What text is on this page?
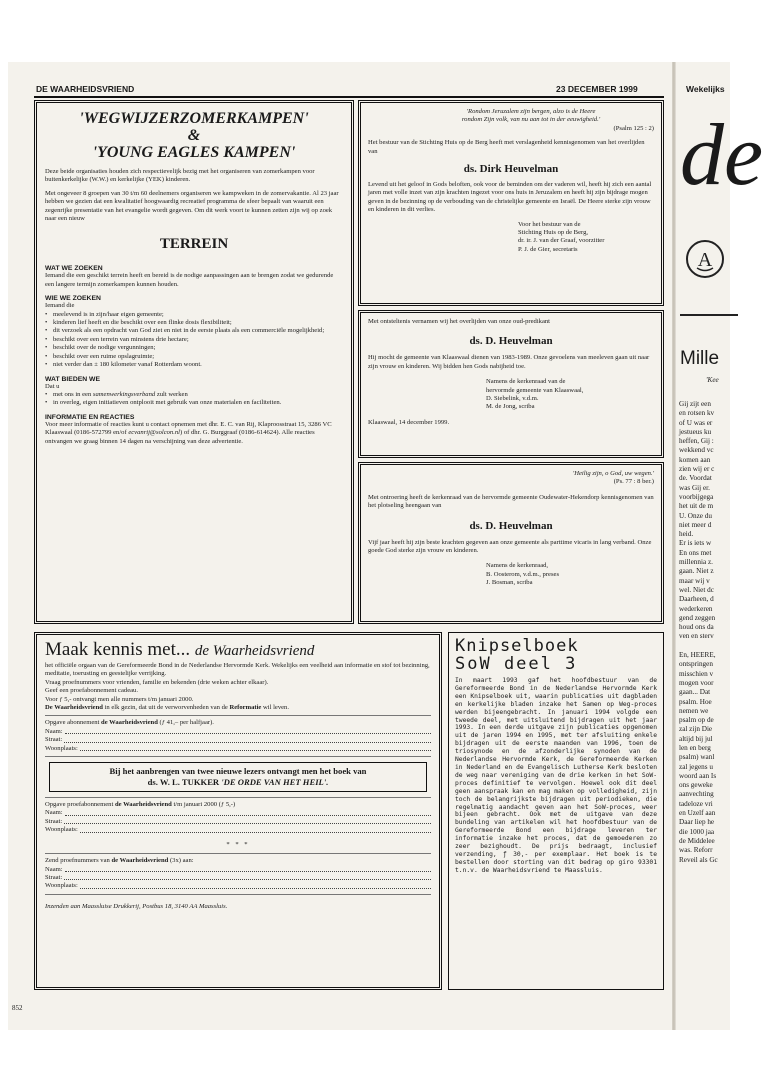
DE WAARHEIDSVRIEND	23 DECEMBER 1999	Wekelijks
'WEGWIJZERZOMERKAMPEN'
&
'YOUNG EAGLES KAMPEN'
Deze beide organisaties houden zich respectievelijk bezig met het organiseren van zomerkampen voor buitenkerkelijke (W.W.) en kerkelijke (YEK) kinderen.
Met ongeveer 8 groepen van 30 t/m 60 deelnemers organiseren we kampweken in de zomervakantie. Al 23 jaar hebben we gezien dat een kwalitatief hoogwaardig recreatief programma de sfeer bepaalt van waaruit een zegenrijke presentatie van het evangelie wordt gegeven. Om dit werk voort te kunnen zetten zijn wij op zoek naar een nieuw
TERREIN
WAT WE ZOEKEN
Iemand die een geschikt terrein heeft en bereid is de nodige aanpassingen aan te brengen zodat we gedurende een langere termijn zomerkampen kunnen houden.
WIE WE ZOEKEN
Iemand die
• meelevend is in zijn/haar eigen gemeente;
• kinderen lief heeft en die beschikt over een flinke dosis flexibiliteit;
• dit verzoek als een opdracht van God ziet en niet in de eerste plaats als een commerciële mogelijkheid;
• beschikt over een terrein van minstens drie hectare;
• beschikt over de nodige vergunningen;
• beschikt over een ruime opslagruimte;
• niet verder dan ± 180 kilometer vanaf Rotterdam woont.
WAT BIEDEN WE
Dat u
• met ons in een samenwerkingsverband zult werken
• in overleg, eigen initiatieven ontplooit met gebruik van onze materialen en faciliteiten.
INFORMATIE EN REACTIES
Voor meer informatie of reacties kunt u contact opnemen met dhr. E. C. van Rij, Klaproosstraat 15, 3286 VC Klaaswaal (0186-572799 en/of ecvanrij@solcon.nl) of dhr. G. Burggraaf (0186-614624). Alle reacties ontvangen we graag binnen 14 dagen na verschijning van deze advertentie.
'Rondom Jeruzalem zijn bergen, alzo is de Heere
rondom Zijn volk, van nu aan tot in der eeuwigheid.'
(Psalm 125 : 2)
Het bestuur van de Stichting Huis op de Berg heeft met verslagenheid kennisgenomen van het overlijden van
ds. Dirk Heuvelman
Levend uit het geloof in Gods beloften, ook voor de beminden om der vaderen wil, heeft hij zich een aantal jaren met volle inzet van zijn krachten ingezet voor ons huis in Jeruzalem en heeft hij zijn bijdrage mogen geven in de bezinning op de verbouding van de christelijke gemeente en Israël. De Heere sterke zijn vrouw en kinderen in dit verlies.
Voor het bestuur van de
Stichting Huis op de Berg,
dr. ir. J. van der Graaf, voorzitter
P. J. de Gier, secretaris
Met ontsteltenis vernamen wij het overlijden van onze oud-predikant
ds. D. Heuvelman
Hij mocht de gemeente van Klaaswaal dienen van 1983-1989. Onze gevoelens van meeleven gaan uit naar zijn vrouw en kinderen. Wij bidden hen Gods nabijheid toe.
Namens de kerkenraad van de
hervormde gemeente van Klaaswaal,
D. Siebelink, v.d.m.
M. de Jong, scriba
Klaaswaal, 14 december 1999.
'Heilig zijn, o God, uw wegen.'
(Ps. 77 : 8 ber.)
Met ontroering heeft de kerkenraad van de hervormde gemeente Oudewater-Hekendorp kennisgenomen van het plotseling heengaan van
ds. D. Heuvelman
Vijf jaar heeft hij zijn beste krachten gegeven aan onze gemeente als parttime vicaris in lang verband. Onze goede God sterke zijn vrouw en kinderen.
Namens de kerkenraad,
B. Oosterom, v.d.m., preses
J. Bosman, scriba
Maak kennis met... de Waarheidsvriend
het officiële orgaan van de Gereformeerde Bond in de Nederlandse Hervormde Kerk. Wekelijks een veelheid aan informatie en stof tot bezinning, meditatie, toerusting en geestelijke verrijking.
Vraag proefnummers voor vrienden, familie en bekenden (drie weken achter elkaar).
Geef een proefabonnement cadeau.
Voor ƒ 5,- ontvangt men alle nummers t/m januari 2000.
De Waarheidsvriend in elk gezin, dat uit de verworvenheden van de Reformatie wil leven.
Opgave abonnement de Waarheidsvriend (ƒ 41,– per halfjaar).
Naam:
Straat:
Woonplaats:
Bij het aanbrengen van twee nieuwe lezers ontvangt men het boek van
ds. W. L. TUKKER 'DE ORDE VAN HET HEIL'.
Opgave proefabonnement de Waarheidsvriend t/m januari 2000 (ƒ 5,-)
Naam:
Straat:
Woonplaats:
* * *
Zend proefnummers van de Waarheidsvriend (3x) aan:
Naam:
Straat:
Woonplaats:
Inzenden aan Maassluise Drukkerij, Postbus 18, 3140 AA Maassluis.
Knipselboek
SoW deel 3
In maart 1993 gaf het hoofdbestuur van de Gereformeerde Bond in de Nederlandse Hervormde Kerk een Knipselboek uit, waarin publicaties uit dagbladen en kerkelijke bladen inzake het Samen op Weg-proces werden bijeengebracht. In januari 1994 volgde een tweede deel, met uitsluitend bijdragen uit het jaar 1993. In een derde uitgave zijn publicaties opgenomen uit de jaren 1994 en 1995, met ter afsluiting enkele bijdragen uit de eerste maanden van 1996, toen de triosynode en de afzonderlijke synoden van de Nederlandse Hervormde Kerk, de Gereformeerde Kerken in Nederland en de Evangelisch Lutherse Kerk besloten de weg naar vereniging van de drie kerken in het SoW-proces definitief te vervolgen. Hoewel ook dit deel geen aanspraak kan en mag maken op volledigheid, zijn toch de belangrijkste bijdragen uit periodieken, die regelmatig aandacht geven aan het SoW-proces, weer bijeen gebracht. Ook met de uitgave van deze bundeling van artikelen wil het hoofdbestuur van de Gereformeerde Bond een bijdrage leveren ter informatie inzake het proces, dat de gemoederen zo zeer bezighoudt. De prijs bedraagt, inclusief verzending, ƒ 30,- per exemplaar. Het boek is te bestellen door storting van dit bedrag op giro 93301 t.n.v. de Waarheidsvriend te Maassluis.
de
A
Mille
'Kee
Gij zijt een
en rotsen kv
of U was er
jestueus ku
heffen, Gij :
wekkend vc
komen aan
zien wij er c
de. Voordat
was Gij er.
voorbijgega
het uit de m
U. Onze du
niet meer d
heid.
Er is iets w
En ons met
millennia z.
gaan. Niet z
maar wij v
wel. Niet dc
Daarheen, d
wederkeren
gend zeggen
houd ons da
ven en sterv

En, HEERE,
ontspringen
misschien v
mogen voor
gaan... Dat
psalm. Hoe
nemen we
psalm op de
zal zijn Die
altijd bij jul
len en berg
psalm) wanl
zal jegens u
woord aan Is
ons geweke
aanvechting
tadeloze vri
en Uzelf aan
Daar liep he
die 1000 jaa
de Middelee
was. Reforr
Reveil als Gc
852
